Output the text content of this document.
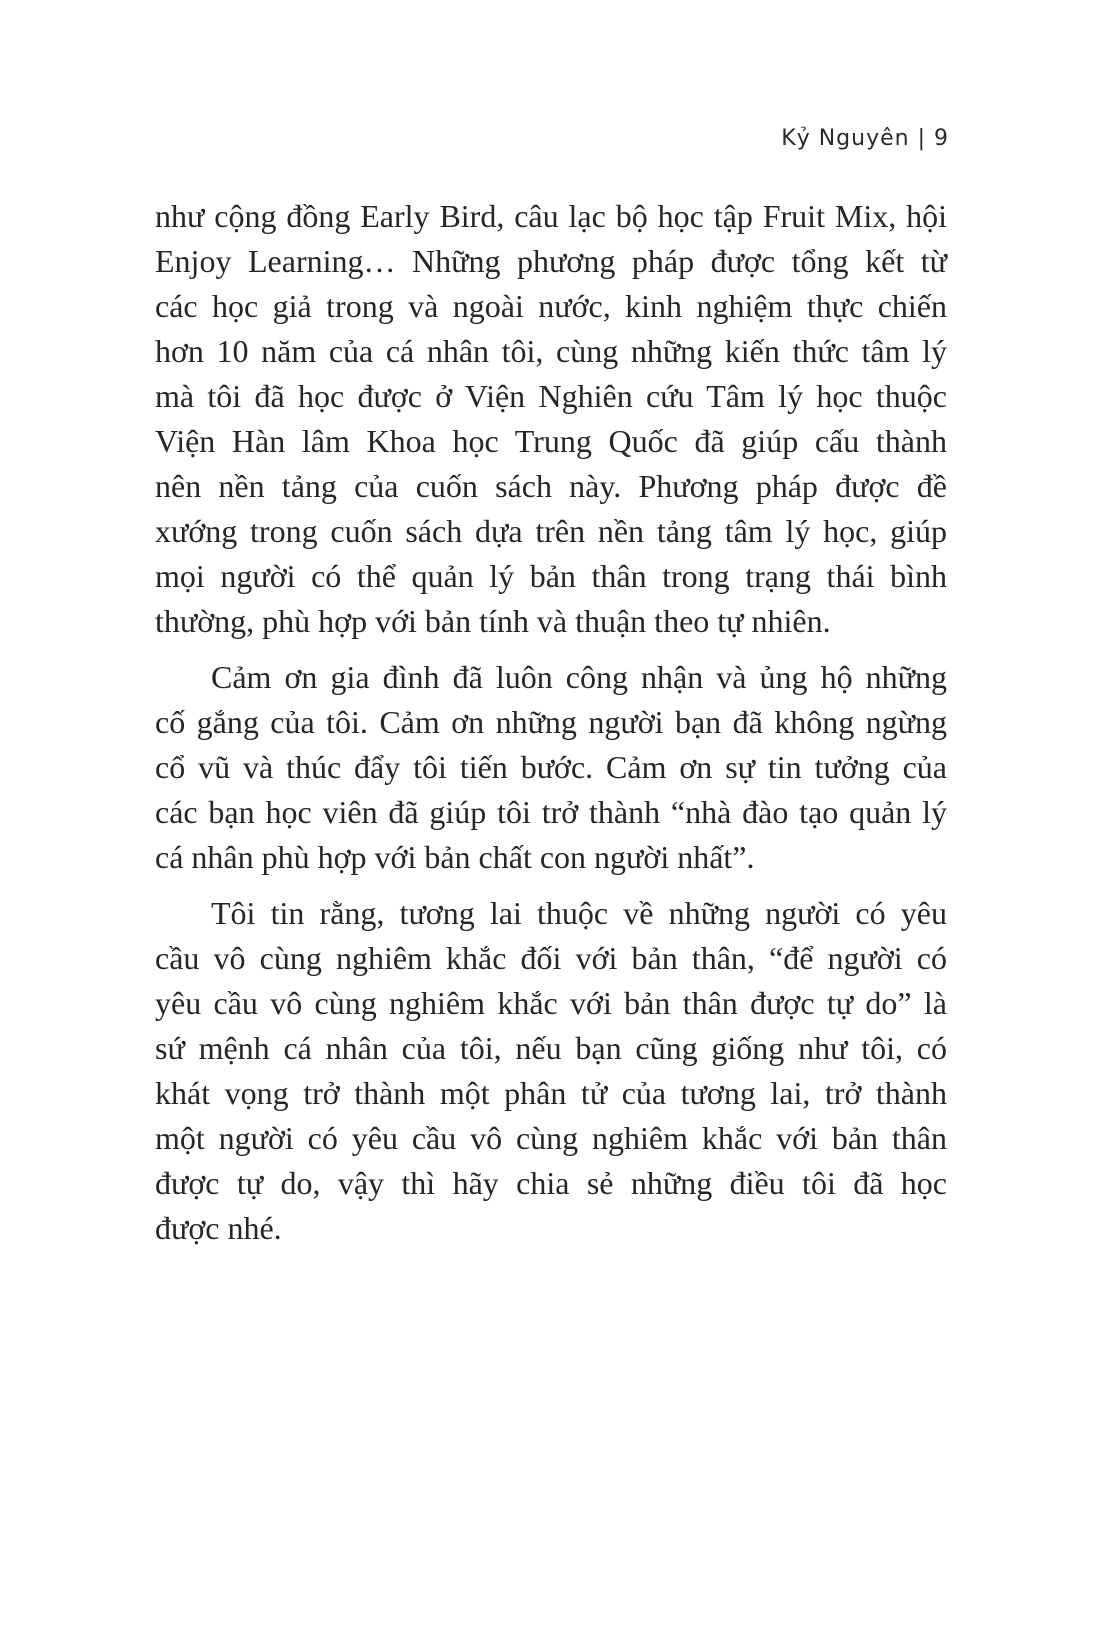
Kỷ Nguyên | 9
như cộng đồng Early Bird, câu lạc bộ học tập Fruit Mix, hội
Enjoy Learning… Những phương pháp được tổng kết từ
các học giả trong và ngoài nước, kinh nghiệm thực chiến
hơn 10 năm của cá nhân tôi, cùng những kiến thức tâm lý
mà tôi đã học được ở Viện Nghiên cứu Tâm lý học thuộc
Viện Hàn lâm Khoa học Trung Quốc đã giúp cấu thành
nên nền tảng của cuốn sách này. Phương pháp được đề
xướng trong cuốn sách dựa trên nền tảng tâm lý học, giúp
mọi người có thể quản lý bản thân trong trạng thái bình
thường, phù hợp với bản tính và thuận theo tự nhiên.
Cảm ơn gia đình đã luôn công nhận và ủng hộ những
cố gắng của tôi. Cảm ơn những người bạn đã không ngừng
cổ vũ và thúc đẩy tôi tiến bước. Cảm ơn sự tin tưởng của
các bạn học viên đã giúp tôi trở thành “nhà đào tạo quản lý
cá nhân phù hợp với bản chất con người nhất”.
Tôi tin rằng, tương lai thuộc về những người có yêu
cầu vô cùng nghiêm khắc đối với bản thân, “để người có
yêu cầu vô cùng nghiêm khắc với bản thân được tự do” là
sứ mệnh cá nhân của tôi, nếu bạn cũng giống như tôi, có
khát vọng trở thành một phân tử của tương lai, trở thành
một người có yêu cầu vô cùng nghiêm khắc với bản thân
được tự do, vậy thì hãy chia sẻ những điều tôi đã học
được nhé.
